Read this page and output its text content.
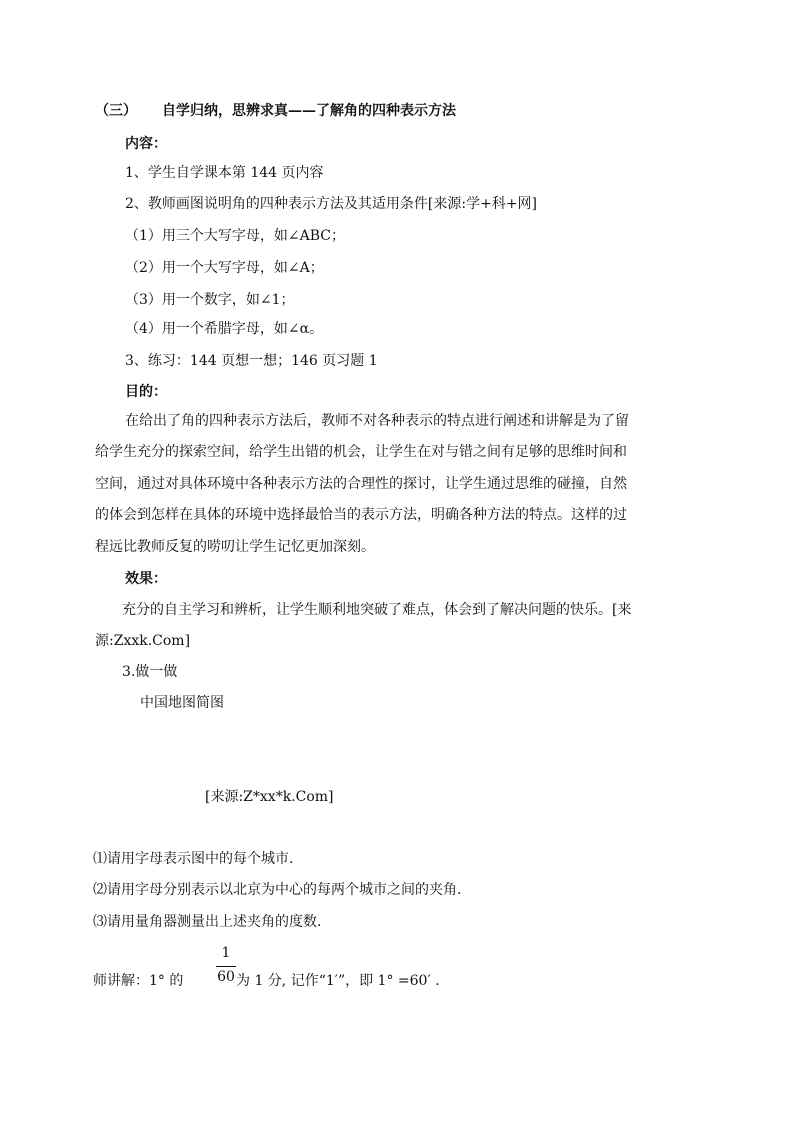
（三） 自学归纳，思辨求真——了解角的四种表示方法
内容：
1、学生自学课本第 144 页内容
2、教师画图说明角的四种表示方法及其适用条件[来源:学+科+网]
（1）用三个大写字母，如∠ABC；
（2）用一个大写字母，如∠A；
（3）用一个数字，如∠1；
（4）用一个希腊字母，如∠α。
3、练习：144 页想一想；146 页习题 1
目的：
在给出了角的四种表示方法后，教师不对各种表示的特点进行阐述和讲解是为了留
给学生充分的探索空间，给学生出错的机会，让学生在对与错之间有足够的思维时间和
空间，通过对具体环境中各种表示方法的合理性的探讨，让学生通过思维的碰撞，自然
的体会到怎样在具体的环境中选择最恰当的表示方法，明确各种方法的特点。这样的过
程远比教师反复的唠叨让学生记忆更加深刻。
效果：
充分的自主学习和辨析，让学生顺利地突破了难点，体会到了解决问题的快乐。[来
源:Zxxk.Com]
3.做一做
中国地图简图
[来源:Z*xx*k.Com]
⑴请用字母表示图中的每个城市.
⑵请用字母分别表示以北京为中心的每两个城市之间的夹角.
⑶请用量角器测量出上述夹角的度数.
师讲解：1° 的
1
60 为 1 分, 记作“1′”，即 1° =60′ .
